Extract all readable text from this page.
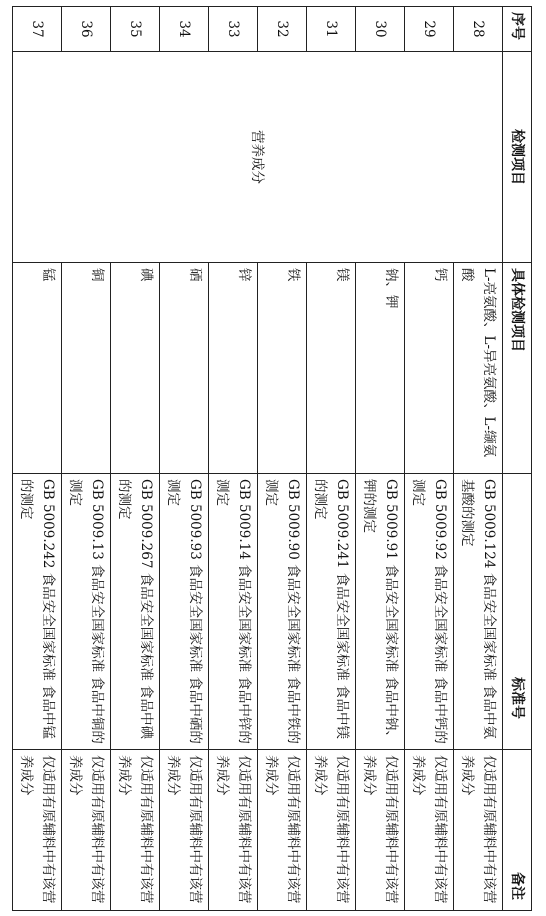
序号	检测项目	具体检测项目	标准号	备注
28	营养成分	L-亮氨酸、L-异亮氨酸、L-缬氨酸	GB 5009.124 食品安全国家标准 食品中氨基酸的测定	仅适用有原辅料中有该营养成分
29		钙	GB 5009.92 食品安全国家标准 食品中钙的测定	仅适用有原辅料中有该营养成分
30		钠、钾	GB 5009.91 食品安全国家标准 食品中钠、钾的测定	仅适用有原辅料中有该营养成分
31		镁	GB 5009.241 食品安全国家标准 食品中镁的测定	仅适用有原辅料中有该营养成分
32		铁	GB 5009.90 食品安全国家标准 食品中铁的测定	仅适用有原辅料中有该营养成分
33		锌	GB 5009.14 食品安全国家标准 食品中锌的测定	仅适用有原辅料中有该营养成分
34		硒	GB 5009.93 食品安全国家标准 食品中硒的测定	仅适用有原辅料中有该营养成分
35		碘	GB 5009.267 食品安全国家标准 食品中碘的测定	仅适用有原辅料中有该营养成分
36		铜	GB 5009.13 食品安全国家标准 食品中铜的测定	仅适用有原辅料中有该营养成分
37		锰	GB 5009.242 食品安全国家标准 食品中锰的测定	仅适用有原辅料中有该营养成分
